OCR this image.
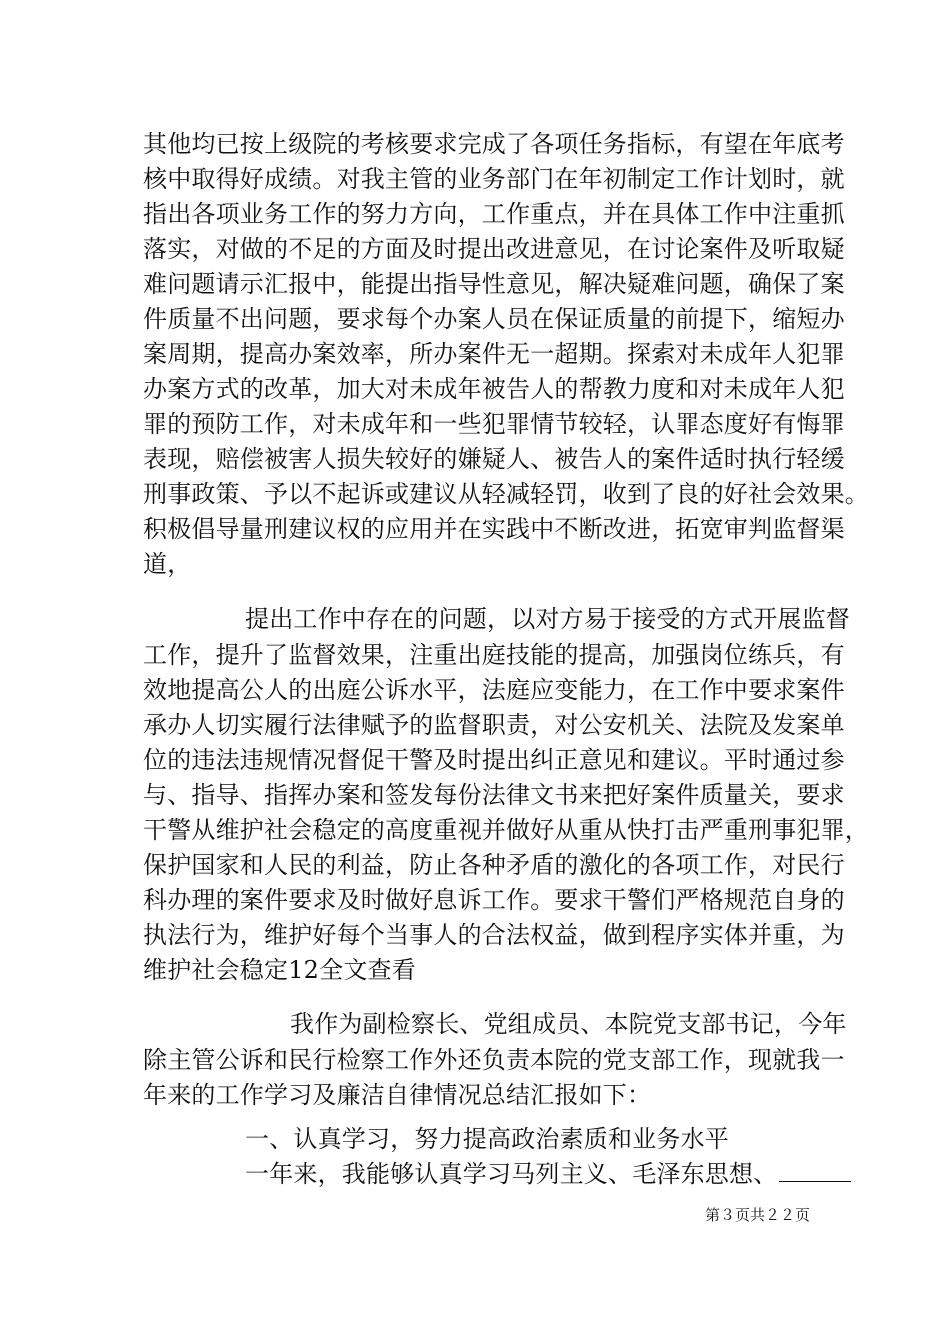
其他均已按上级院的考核要求完成了各项任务指标，有望在年底考
核中取得好成绩。对我主管的业务部门在年初制定工作计划时，就
指出各项业务工作的努力方向，工作重点，并在具体工作中注重抓
落实，对做的不足的方面及时提出改进意见，在讨论案件及听取疑
难问题请示汇报中，能提出指导性意见，解决疑难问题，确保了案
件质量不出问题，要求每个办案人员在保证质量的前提下，缩短办
案周期，提高办案效率，所办案件无一超期。探索对未成年人犯罪
办案方式的改革，加大对未成年被告人的帮教力度和对未成年人犯
罪的预防工作，对未成年和一些犯罪情节较轻，认罪态度好有悔罪
表现，赔偿被害人损失较好的嫌疑人、被告人的案件适时执行轻缓
刑事政策、予以不起诉或建议从轻减轻罚，收到了良的好社会效果。
积极倡导量刑建议权的应用并在实践中不断改进，拓宽审判监督渠
道，
提出工作中存在的问题，以对方易于接受的方式开展监督
工作，提升了监督效果，注重出庭技能的提高，加强岗位练兵，有
效地提高公人的出庭公诉水平，法庭应变能力，在工作中要求案件
承办人切实履行法律赋予的监督职责，对公安机关、法院及发案单
位的违法违规情况督促干警及时提出纠正意见和建议。平时通过参
与、指导、指挥办案和签发每份法律文书来把好案件质量关，要求
干警从维护社会稳定的高度重视并做好从重从快打击严重刑事犯罪，
保护国家和人民的利益，防止各种矛盾的激化的各项工作，对民行
科办理的案件要求及时做好息诉工作。要求干警们严格规范自身的
执法行为，维护好每个当事人的合法权益，做到程序实体并重，为
维护社会稳定12全文查看
我作为副检察长、党组成员、本院党支部书记，今年
除主管公诉和民行检察工作外还负责本院的党支部工作，现就我一
年来的工作学习及廉洁自律情况总结汇报如下：
一、认真学习，努力提高政治素质和业务水平
一年来，我能够认真学习马列主义、毛泽东思想、
第３页共２２页
